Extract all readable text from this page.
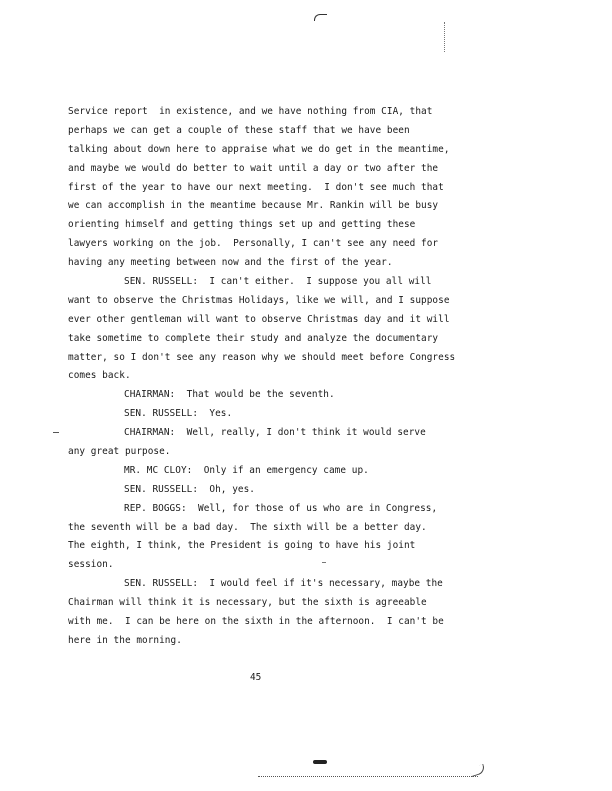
Service report  in existence, and we have nothing from CIA, that
perhaps we can get a couple of these staff that we have been
talking about down here to appraise what we do get in the meantime,
and maybe we would do better to wait until a day or two after the
first of the year to have our next meeting.  I don't see much that
we can accomplish in the meantime because Mr. Rankin will be busy
orienting himself and getting things set up and getting these
lawyers working on the job.  Personally, I can't see any need for
having any meeting between now and the first of the year.
SEN. RUSSELL:  I can't either.  I suppose you all will
want to observe the Christmas Holidays, like we will, and I suppose
ever other gentleman will want to observe Christmas day and it will
take sometime to complete their study and analyze the documentary
matter, so I don't see any reason why we should meet before Congress
comes back.
CHAIRMAN:  That would be the seventh.
SEN. RUSSELL:  Yes.
CHAIRMAN:  Well, really, I don't think it would serve
any great purpose.
MR. MC CLOY:  Only if an emergency came up.
SEN. RUSSELL:  Oh, yes.
REP. BOGGS:  Well, for those of us who are in Congress,
the seventh will be a bad day.  The sixth will be a better day.
The eighth, I think, the President is going to have his joint
session.
SEN. RUSSELL:  I would feel if it's necessary, maybe the
Chairman will think it is necessary, but the sixth is agreeable
with me.  I can be here on the sixth in the afternoon.  I can't be
here in the morning.
45
